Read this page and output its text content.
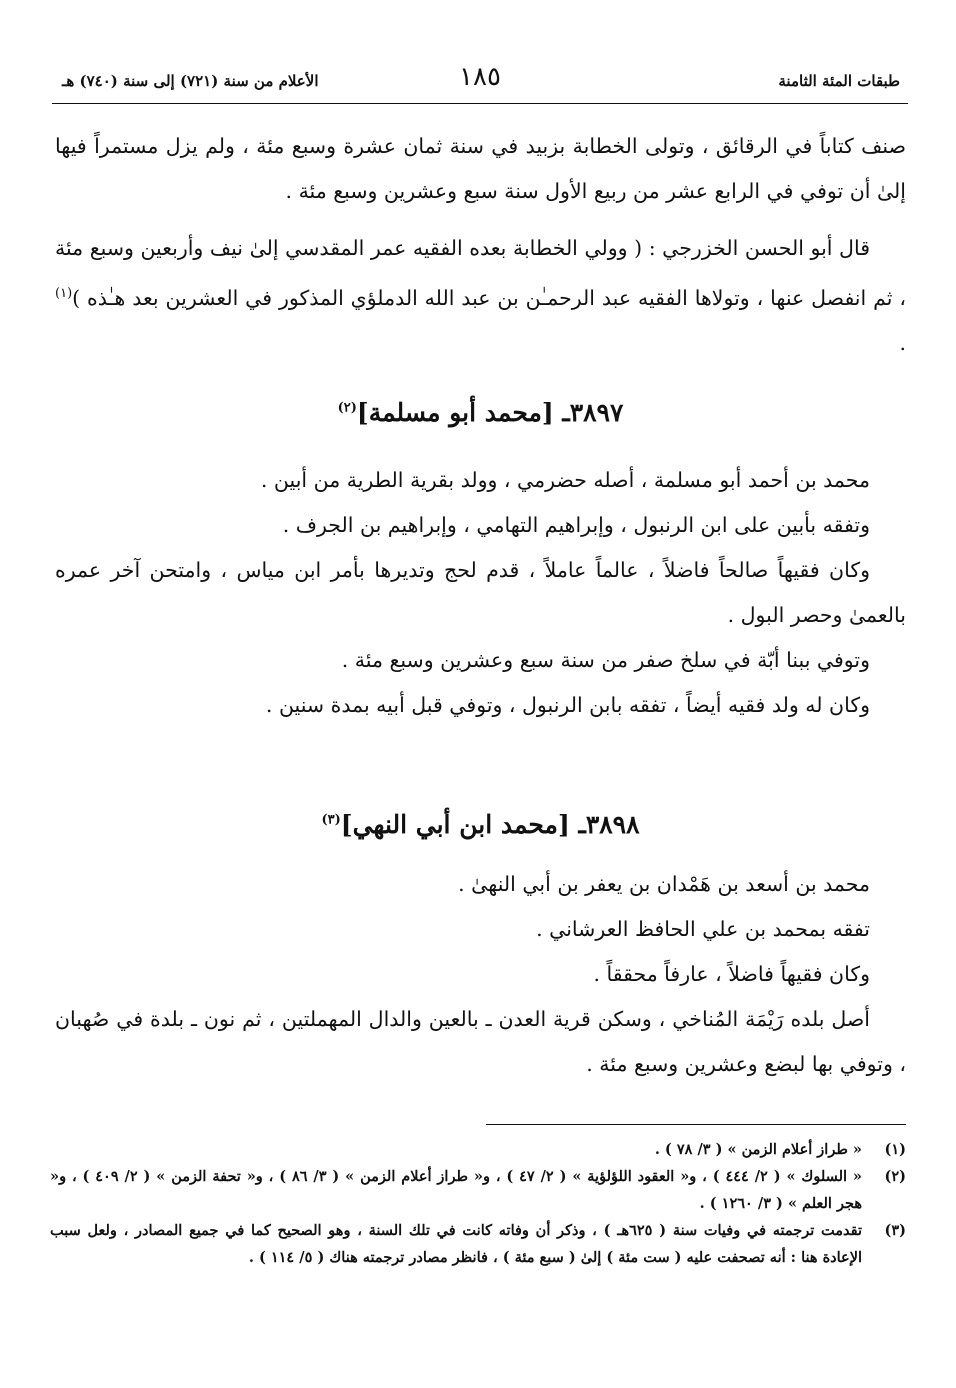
طبقات المئة الثامنة
١٨٥
الأعلام من سنة (٧٢١) إلى سنة (٧٤٠) هـ

صنف كتاباً في الرقائق ، وتولى الخطابة بزبيد في سنة ثمان عشرة وسبع مئة ، ولم يزل مستمراً فيها إلىٰ أن توفي في الرابع عشر من ربيع الأول سنة سبع وعشرين وسبع مئة .

قال أبو الحسن الخزرجي : ( وولي الخطابة بعده الفقيه عمر المقدسي إلىٰ نيف وأربعين وسبع مئة ، ثم انفصل عنها ، وتولاها الفقيه عبد الرحمـٰن بن عبد الله الدملؤي المذكور في العشرين بعد هـٰذه )$^{(١)}$ .

٣٨٩٧ـ [محمد أبو مسلمة]$^{(٢)}$

محمد بن أحمد أبو مسلمة ، أصله حضرمي ، وولد بقرية الطرية من أبين .

وتفقه بأبين على ابن الرنبول ، وإبراهيم التهامي ، وإبراهيم بن الجرف .

وكان فقيهاً صالحاً فاضلاً ، عالماً عاملاً ، قدم لحج وتديرها بأمر ابن مياس ، وامتحن آخر عمره بالعمىٰ وحصر البول .

وتوفي ببنا أبّة في سلخ صفر من سنة سبع وعشرين وسبع مئة .

وكان له ولد فقيه أيضاً ، تفقه بابن الرنبول ، وتوفي قبل أبيه بمدة سنين .

٣٨٩٨ـ [محمد ابن أبي النهي]$^{(٣)}$

محمد بن أسعد بن هَمْدان بن يعفر بن أبي النهىٰ .

تفقه بمحمد بن علي الحافظ العرشاني .

وكان فقيهاً فاضلاً ، عارفاً محققاً .

أصل بلده رَيْمَة المُناخي ، وسكن قرية العدن ـ بالعين والدال المهملتين ، ثم نون ـ بلدة في صُهبان ، وتوفي بها لبضع وعشرين وسبع مئة .

(١)
« طراز أعلام الزمن » ( ٣/ ٧٨ ) .
(٢)
« السلوك » ( ٢/ ٤٤٤ ) ، و« العقود اللؤلؤية » ( ٢/ ٤٧ ) ، و« طراز أعلام الزمن » ( ٣/ ٨٦ ) ، و« تحفة الزمن » ( ٢/ ٤٠٩ ) ، و« هجر العلم » ( ٣/ ١٢٦٠ ) .
(٣)
تقدمت ترجمته في وفيات سنة ( ٦٢٥هـ ) ، وذكر أن وفاته كانت في تلك السنة ، وهو الصحيح كما في جميع المصادر ، ولعل سبب الإعادة هنا : أنه تصحفت عليه ( ست مئة ) إلىٰ ( سبع مئة ) ، فانظر مصادر ترجمته هناك ( ٥/ ١١٤ ) .
